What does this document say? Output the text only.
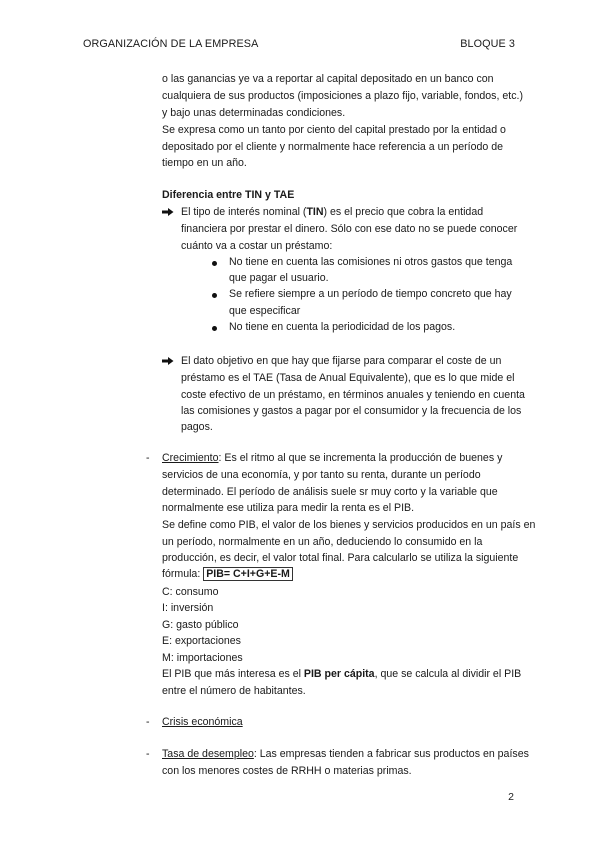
ORGANIZACIÓN DE LA EMPRESA	BLOQUE 3
o las ganancias ye va a reportar al capital depositado en un banco con
cualquiera de sus productos (imposiciones a plazo fijo, variable, fondos, etc.)
y bajo unas determinadas condiciones.
Se expresa como un tanto por ciento del capital prestado por la entidad o
depositado por el cliente y normalmente hace referencia a un período de
tiempo en un año.
Diferencia entre TIN y TAE
El tipo de interés nominal (TIN) es el precio que cobra la entidad
financiera por prestar el dinero. Sólo con ese dato no se puede conocer
cuánto va a costar un préstamo:
No tiene en cuenta las comisiones ni otros gastos que tenga
que pagar el usuario.
Se refiere siempre a un período de tiempo concreto que hay
que especificar
No tiene en cuenta la periodicidad de los pagos.
El dato objetivo en que hay que fijarse para comparar el coste de un
préstamo es el TAE (Tasa de Anual Equivalente), que es lo que mide el
coste efectivo de un préstamo, en términos anuales y teniendo en cuenta
las comisiones y gastos a pagar por el consumidor y la frecuencia de los
pagos.
- Crecimiento: Es el ritmo al que se incrementa la producción de buenes y
servicios de una economía, y por tanto su renta, durante un período
determinado. El período de análisis suele sr muy corto y la variable que
normalmente ese utiliza para medir la renta es el PIB.
Se define como PIB, el valor de los bienes y servicios producidos en un país en
un período, normalmente en un año, deduciendo lo consumido en la
producción, es decir, el valor total final. Para calcularlo se utiliza la siguiente
fórmula: PIB= C+I+G+E-M
C: consumo
I: inversión
G: gasto público
E: exportaciones
M: importaciones
El PIB que más interesa es el PIB per cápita, que se calcula al dividir el PIB
entre el número de habitantes.
- Crisis económica
- Tasa de desempleo: Las empresas tienden a fabricar sus productos en países
con los menores costes de RRHH o materias primas.
2
